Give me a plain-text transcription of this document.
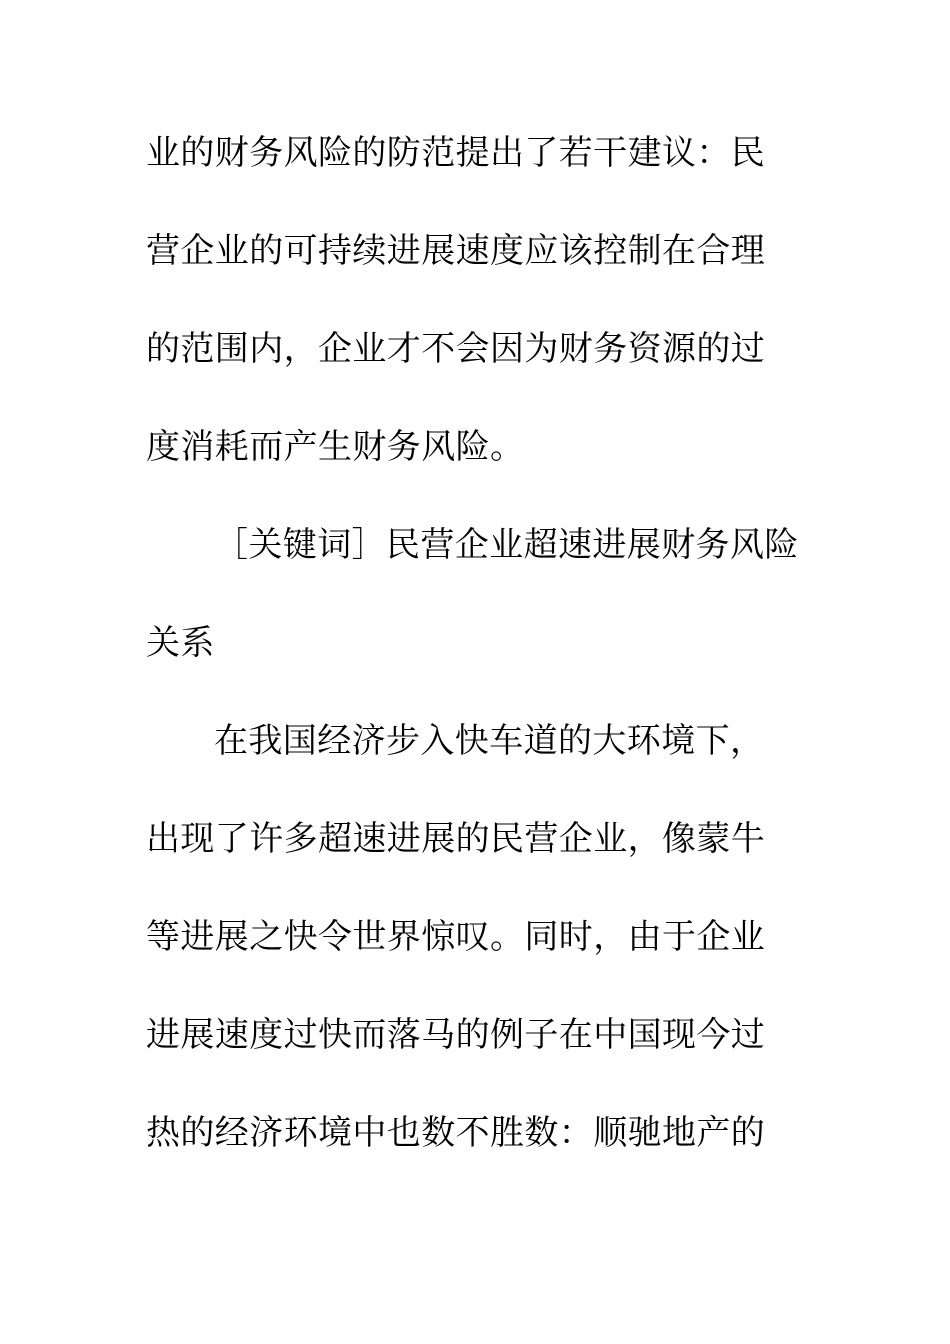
业的财务风险的防范提出了若干建议：民
营企业的可持续进展速度应该控制在合理
的范围内，企业才不会因为财务资源的过
度消耗而产生财务风险。
［关键词］民营企业超速进展财务风险
关系
在我国经济步入快车道的大环境下，
出现了许多超速进展的民营企业，像蒙牛
等进展之快令世界惊叹。同时，由于企业
进展速度过快而落马的例子在中国现今过
热的经济环境中也数不胜数：顺驰地产的
